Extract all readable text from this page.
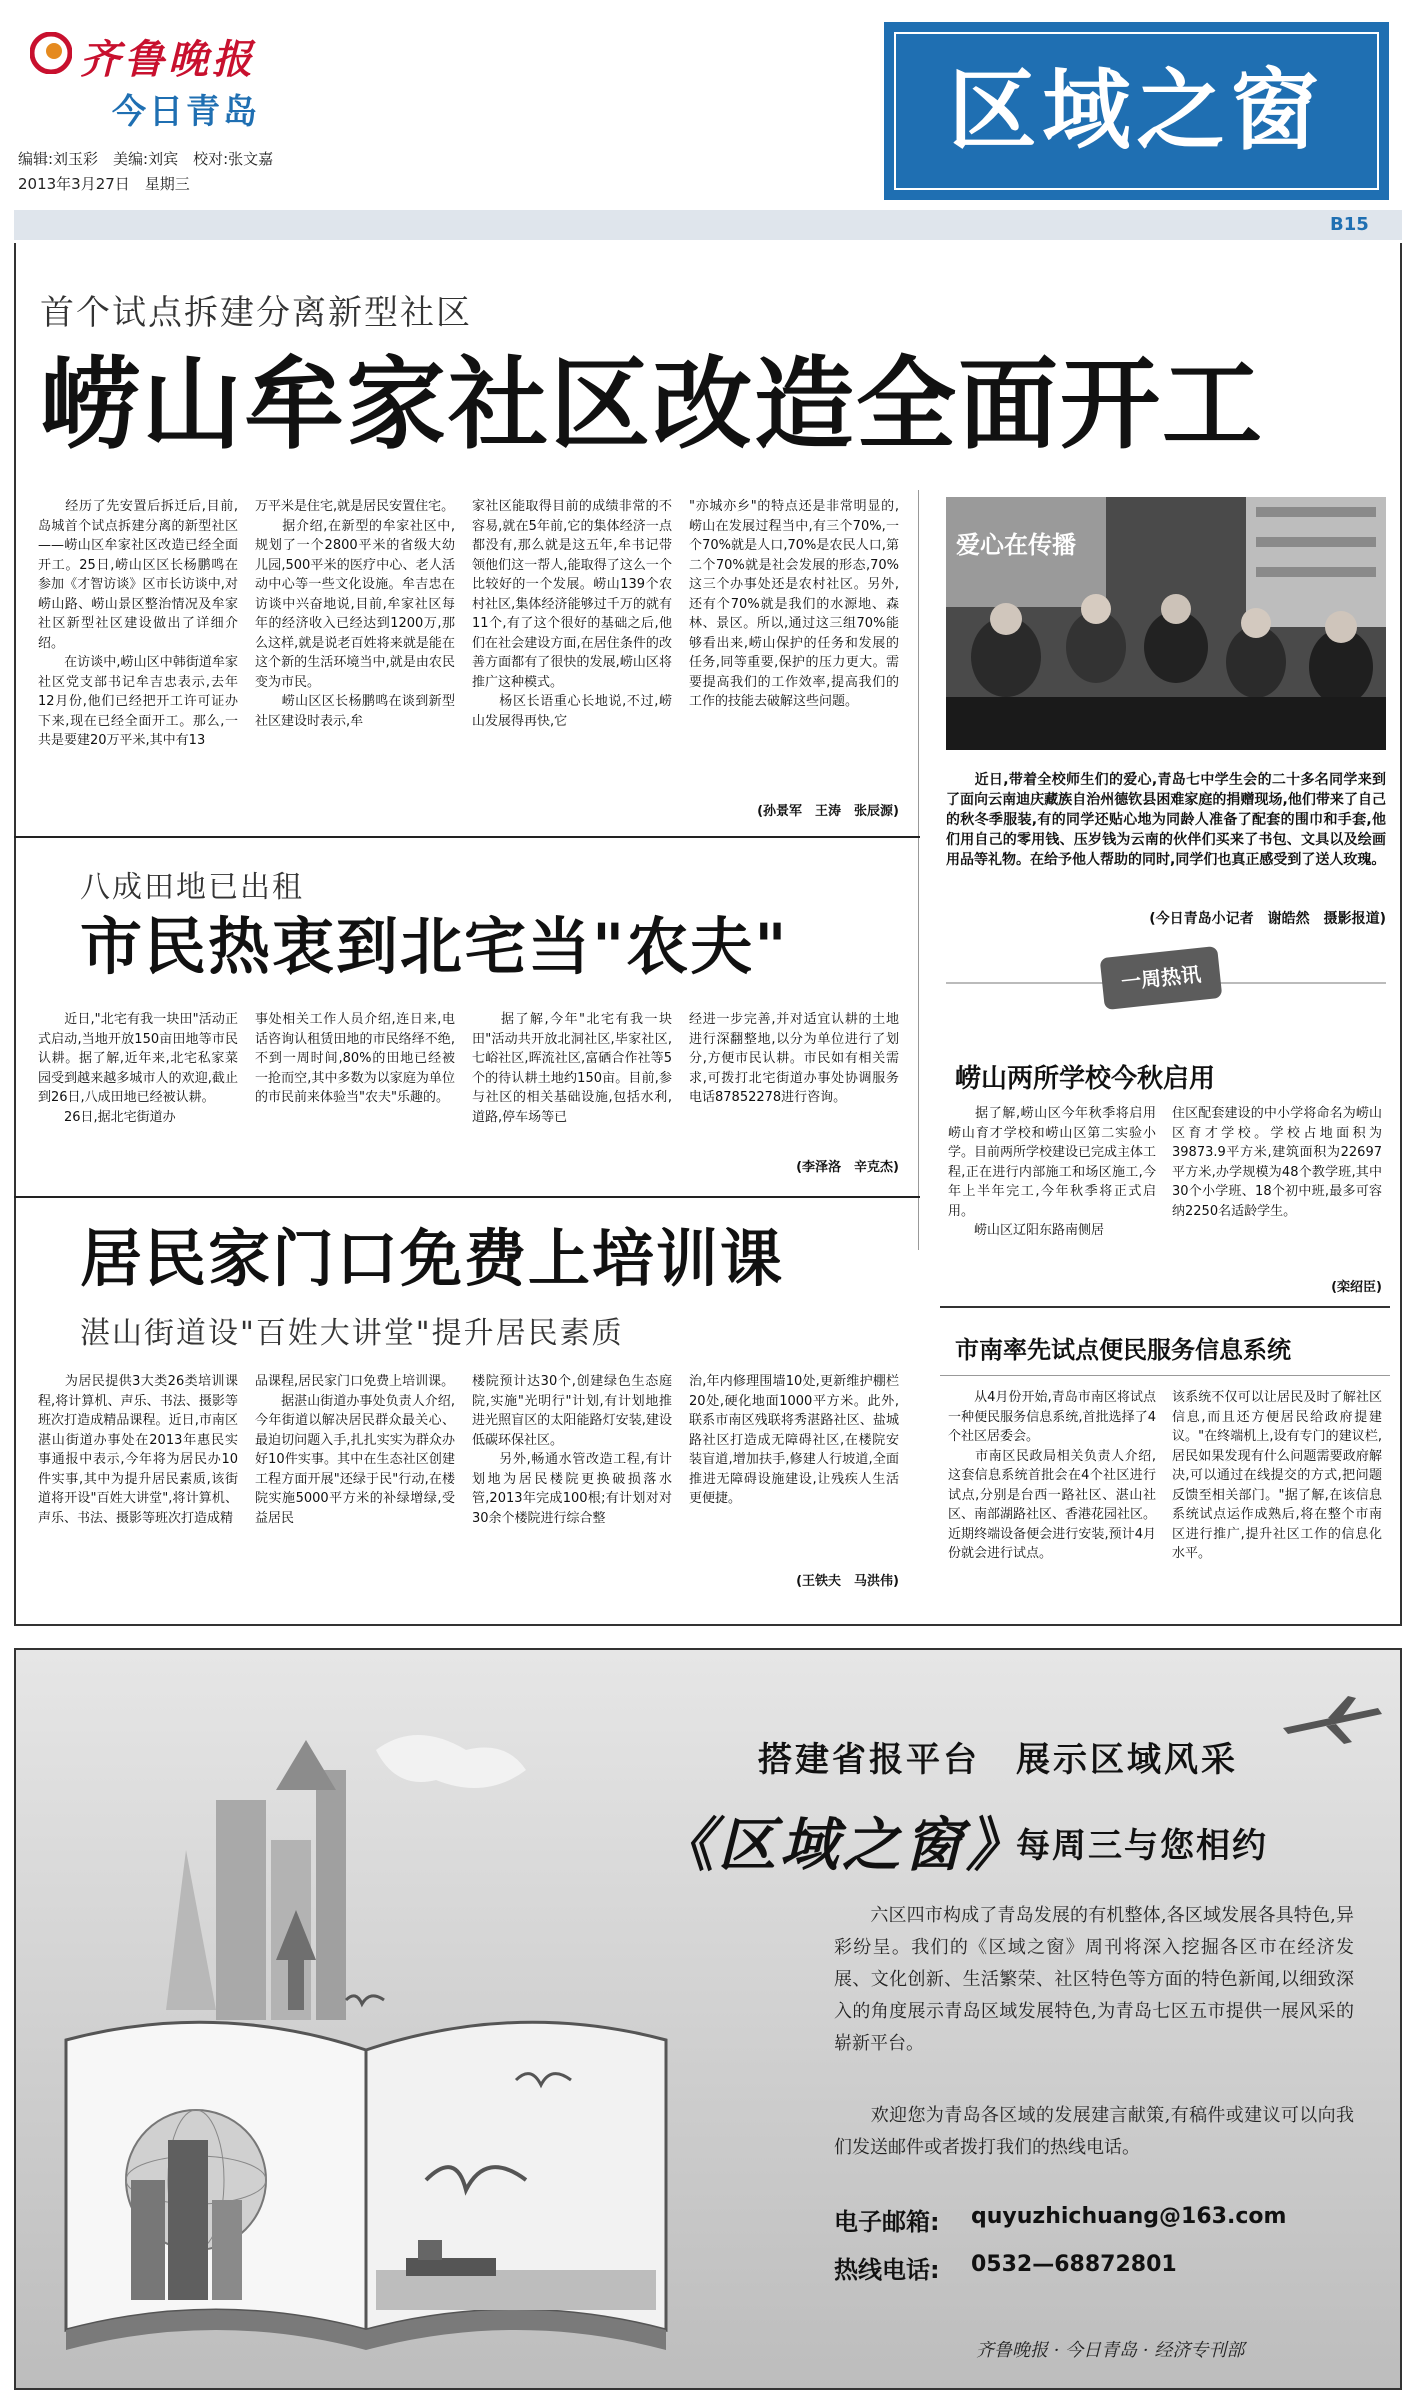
齐鲁晚报
今日青岛
编辑:刘玉彩　美编:刘宾　校对:张文嘉
2013年3月27日　星期三
区域之窗
B15
首个试点拆建分离新型社区
崂山牟家社区改造全面开工
　　经历了先安置后拆迁后,目前,岛城首个试点拆建分离的新型社区——崂山区牟家社区改造已经全面开工。25日,崂山区区长杨鹏鸣在参加《才智访谈》区市长访谈中,对崂山路、崂山景区整治情况及牟家社区新型社区建设做出了详细介绍。
　　在访谈中,崂山区中韩街道牟家社区党支部书记牟吉忠表示,去年12月份,他们已经把开工许可证办下来,现在已经全面开工。那么,一共是要建20万平米,其中有13
万平米是住宅,就是居民安置住宅。
　　据介绍,在新型的牟家社区中,规划了一个2800平米的省级大幼儿园,500平米的医疗中心、老人活动中心等一些文化设施。牟吉忠在访谈中兴奋地说,目前,牟家社区每年的经济收入已经达到1200万,那么这样,就是说老百姓将来就是能在这个新的生活环境当中,就是由农民变为市民。
　　崂山区区长杨鹏鸣在谈到新型社区建设时表示,牟
家社区能取得目前的成绩非常的不容易,就在5年前,它的集体经济一点都没有,那么就是这五年,牟书记带领他们这一帮人,能取得了这么一个比较好的一个发展。崂山139个农村社区,集体经济能够过千万的就有11个,有了这个很好的基础之后,他们在社会建设方面,在居住条件的改善方面都有了很快的发展,崂山区将推广这种模式。
　　杨区长语重心长地说,不过,崂山发展得再快,它
"亦城亦乡"的特点还是非常明显的,崂山在发展过程当中,有三个70%,一个70%就是人口,70%是农民人口,第二个70%就是社会发展的形态,70%这三个办事处还是农村社区。另外,还有个70%就是我们的水源地、森林、景区。所以,通过这三组70%能够看出来,崂山保护的任务和发展的任务,同等重要,保护的压力更大。需要提高我们的工作效率,提高我们的工作的技能去破解这些问题。
(孙景军　王涛　张辰源)
爱心在传播
　　近日,带着全校师生们的爱心,青岛七中学生会的二十多名同学来到了面向云南迪庆藏族自治州德钦县困难家庭的捐赠现场,他们带来了自己的秋冬季服装,有的同学还贴心地为同龄人准备了配套的围巾和手套,他们用自己的零用钱、压岁钱为云南的伙伴们买来了书包、文具以及绘画用品等礼物。在给予他人帮助的同时,同学们也真正感受到了送人玫瑰。
(今日青岛小记者　谢皓然　摄影报道)
一周热讯
崂山两所学校今秋启用
　　据了解,崂山区今年秋季将启用崂山育才学校和崂山区第二实验小学。目前两所学校建设已完成主体工程,正在进行内部施工和场区施工,今年上半年完工,今年秋季将正式启用。
　　崂山区辽阳东路南侧居
住区配套建设的中小学将命名为崂山区育才学校。学校占地面积为39873.9平方米,建筑面积为22697平方米,办学规模为48个教学班,其中30个小学班、18个初中班,最多可容纳2250名适龄学生。
(栾绍臣)
八成田地已出租
市民热衷到北宅当"农夫"
　　近日,"北宅有我一块田"活动正式启动,当地开放150亩田地等市民认耕。据了解,近年来,北宅私家菜园受到越来越多城市人的欢迎,截止到26日,八成田地已经被认耕。
　　26日,据北宅街道办
事处相关工作人员介绍,连日来,电话咨询认租赁田地的市民络绎不绝,不到一周时间,80%的田地已经被一抢而空,其中多数为以家庭为单位的市民前来体验当"农夫"乐趣的。
　　据了解,今年"北宅有我一块田"活动共开放北洞社区,毕家社区,七峪社区,晖流社区,富硒合作社等5个的待认耕土地约150亩。目前,参与社区的相关基础设施,包括水利,道路,停车场等已
经进一步完善,并对适宜认耕的土地进行深翻整地,以分为单位进行了划分,方便市民认耕。市民如有相关需求,可拨打北宅街道办事处协调服务电话87852278进行咨询。
(李泽洛　辛克杰)
居民家门口免费上培训课
湛山街道设"百姓大讲堂"提升居民素质
　　为居民提供3大类26类培训课程,将计算机、声乐、书法、摄影等班次打造成精品课程。近日,市南区湛山街道办事处在2013年惠民实事通报中表示,今年将为居民办10件实事,其中为提升居民素质,该街道将开设"百姓大讲堂",将计算机、声乐、书法、摄影等班次打造成精
品课程,居民家门口免费上培训课。
　　据湛山街道办事处负责人介绍,今年街道以解决居民群众最关心、最迫切问题入手,扎扎实实为群众办好10件实事。其中在生态社区创建工程方面开展"还绿于民"行动,在楼院实施5000平方米的补绿增绿,受益居民
楼院预计达30个,创建绿色生态庭院,实施"光明行"计划,有计划地推进光照盲区的太阳能路灯安装,建设低碳环保社区。
　　另外,畅通水管改造工程,有计划地为居民楼院更换破损落水管,2013年完成100根;有计划对对30余个楼院进行综合整
治,年内修理围墙10处,更新维护棚栏20处,硬化地面1000平方米。此外,联系市南区残联将秀湛路社区、盐城路社区打造成无障碍社区,在楼院安装盲道,增加扶手,修建人行坡道,全面推进无障碍设施建设,让残疾人生活更便捷。
(王铁夫　马洪伟)
市南率先试点便民服务信息系统
　　从4月份开始,青岛市南区将试点一种便民服务信息系统,首批选择了4个社区居委会。
　　市南区民政局相关负责人介绍,这套信息系统首批会在4个社区进行试点,分别是台西一路社区、湛山社区、南部湖路社区、香港花园社区。近期终端设备便会进行安装,预计4月份就会进行试点。
该系统不仅可以让居民及时了解社区信息,而且还方便居民给政府提建议。"在终端机上,设有专门的建议栏,居民如果发现有什么问题需要政府解决,可以通过在线提交的方式,把问题反馈至相关部门。"据了解,在该信息系统试点运作成熟后,将在整个市南区进行推广,提升社区工作的信息化水平。
搭建省报平台 展示区域风采
《区域之窗》
每周三与您相约
　　六区四市构成了青岛发展的有机整体,各区域发展各具特色,异彩纷呈。我们的《区域之窗》周刊将深入挖掘各区市在经济发展、文化创新、生活繁荣、社区特色等方面的特色新闻,以细致深入的角度展示青岛区域发展特色,为青岛七区五市提供一展风采的崭新平台。
　　欢迎您为青岛各区域的发展建言献策,有稿件或建议可以向我们发送邮件或者拨打我们的热线电话。
电子邮箱: quyuzhichuang@163.com
热线电话: 0532—68872801
齐鲁晚报 · 今日青岛 · 经济专刊部
